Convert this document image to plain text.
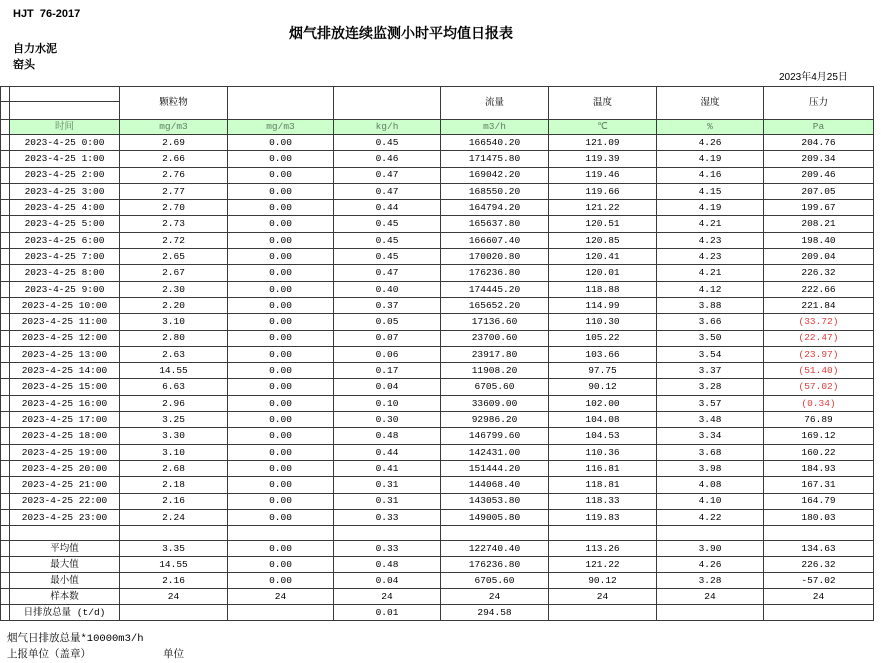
HJT  76-2017
烟气排放连续监测小时平均值日报表
自力水泥
窑头
2023年4月25日
		颗粒物			流量	温度	湿度	压力

	时间	mg/m3	mg/m3	kg/h	m3/h	℃	%	Pa
	2023-4-25 0:00	2.69	0.00	0.45	166540.20	121.09	4.26	204.76
	2023-4-25 1:00	2.66	0.00	0.46	171475.80	119.39	4.19	209.34
	2023-4-25 2:00	2.76	0.00	0.47	169042.20	119.46	4.16	209.46
	2023-4-25 3:00	2.77	0.00	0.47	168550.20	119.66	4.15	207.05
	2023-4-25 4:00	2.70	0.00	0.44	164794.20	121.22	4.19	199.67
	2023-4-25 5:00	2.73	0.00	0.45	165637.80	120.51	4.21	208.21
	2023-4-25 6:00	2.72	0.00	0.45	166607.40	120.85	4.23	198.40
	2023-4-25 7:00	2.65	0.00	0.45	170020.80	120.41	4.23	209.04
	2023-4-25 8:00	2.67	0.00	0.47	176236.80	120.01	4.21	226.32
	2023-4-25 9:00	2.30	0.00	0.40	174445.20	118.88	4.12	222.66
	2023-4-25 10:00	2.20	0.00	0.37	165652.20	114.99	3.88	221.84
	2023-4-25 11:00	3.10	0.00	0.05	17136.60	110.30	3.66	(33.72)
	2023-4-25 12:00	2.80	0.00	0.07	23700.60	105.22	3.50	(22.47)
	2023-4-25 13:00	2.63	0.00	0.06	23917.80	103.66	3.54	(23.97)
	2023-4-25 14:00	14.55	0.00	0.17	11908.20	97.75	3.37	(51.40)
	2023-4-25 15:00	6.63	0.00	0.04	6705.60	90.12	3.28	(57.02)
	2023-4-25 16:00	2.96	0.00	0.10	33609.00	102.00	3.57	(0.34)
	2023-4-25 17:00	3.25	0.00	0.30	92986.20	104.08	3.48	76.89
	2023-4-25 18:00	3.30	0.00	0.48	146799.60	104.53	3.34	169.12
	2023-4-25 19:00	3.10	0.00	0.44	142431.00	110.36	3.68	160.22
	2023-4-25 20:00	2.68	0.00	0.41	151444.20	116.81	3.98	184.93
	2023-4-25 21:00	2.18	0.00	0.31	144068.40	118.81	4.08	167.31
	2023-4-25 22:00	2.16	0.00	0.31	143053.80	118.33	4.10	164.79
	2023-4-25 23:00	2.24	0.00	0.33	149005.80	119.83	4.22	180.03

	平均值	3.35	0.00	0.33	122740.40	113.26	3.90	134.63
	最大值	14.55	0.00	0.48	176236.80	121.22	4.26	226.32
	最小值	2.16	0.00	0.04	6705.60	90.12	3.28	-57.02
	样本数	24	24	24	24	24	24	24
	日排放总量 (t/d)			0.01	294.58			
烟气日排放总量*10000m3/h
上报单位（盖章）	单位
